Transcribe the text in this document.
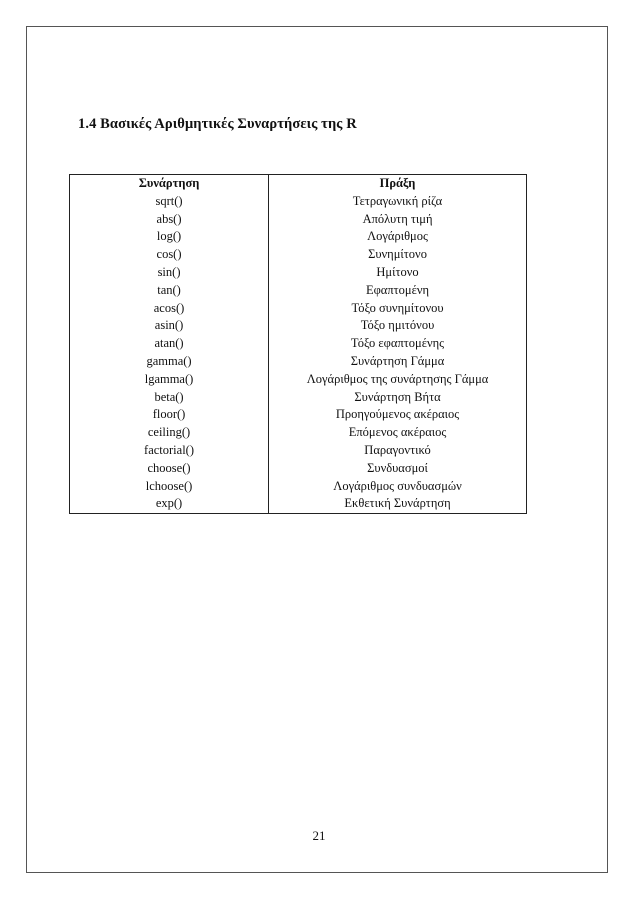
1.4 Βασικές Αριθμητικές Συναρτήσεις της R
Συνάρτηση	Πράξη
sqrt()	Τετραγωνική ρίζα
abs()	Απόλυτη τιμή
log()	Λογάριθμος
cos()	Συνημίτονο
sin()	Ημίτονο
tan()	Εφαπτομένη
acos()	Τόξο συνημίτονου
asin()	Τόξο ημιτόνου
atan()	Τόξο εφαπτομένης
gamma()	Συνάρτηση Γάμμα
lgamma()	Λογάριθμος της συνάρτησης Γάμμα
beta()	Συνάρτηση Βήτα
floor()	Προηγούμενος ακέραιος
ceiling()	Επόμενος ακέραιος
factorial()	Παραγοντικό
choose()	Συνδυασμοί
lchoose()	Λογάριθμος συνδυασμών
exp()	Εκθετική Συνάρτηση
21
